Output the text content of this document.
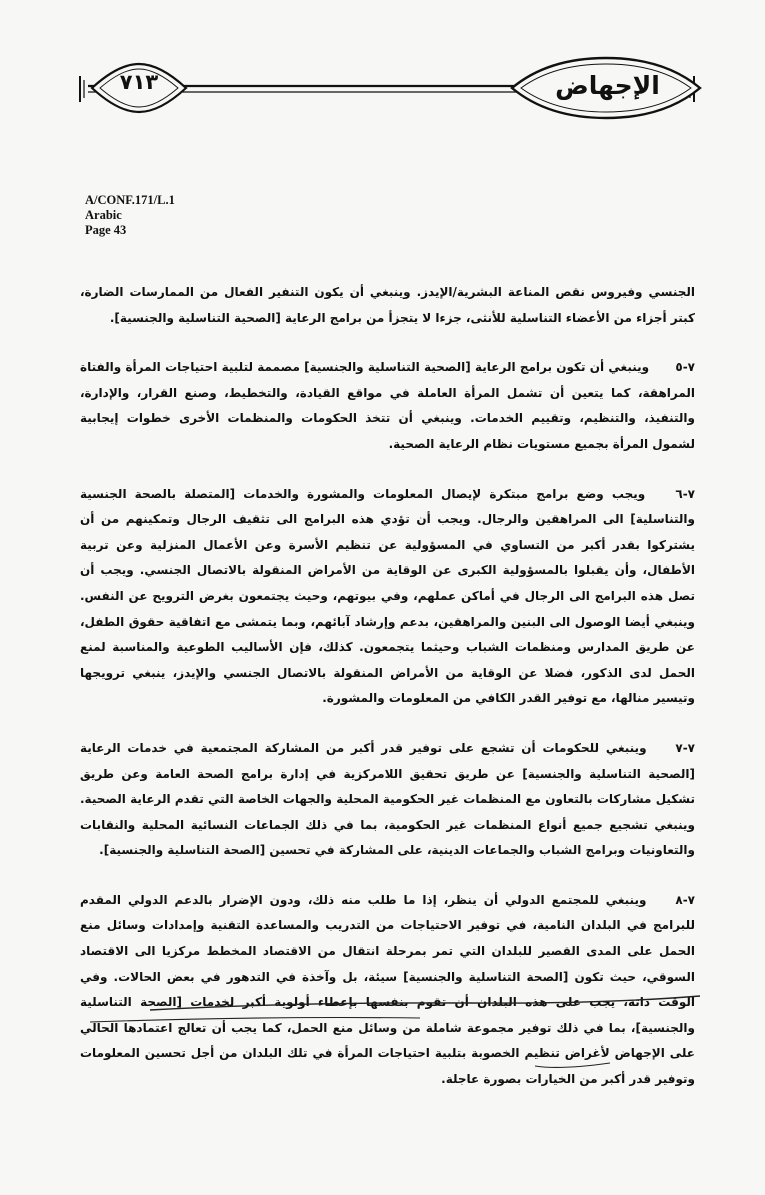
٧١٣	الإجهاض
A/CONF.171/L.1
Arabic
Page 43

الجنسي وفيروس نقص المناعة البشرية/الإيدز. وينبغي أن يكون التنفير الفعال من الممارسات الضارة، كبتر أجزاء من الأعضاء التناسلية للأنثى، جزءا لا يتجزأ من برامج الرعاية [الصحية التناسلية والجنسية].

٧-٥ وينبغي أن تكون برامج الرعاية [الصحية التناسلية والجنسية] مصممة لتلبية احتياجات المرأة والفتاة المراهقة، كما يتعين أن تشمل المرأة العاملة في مواقع القيادة، والتخطيط، وصنع القرار، والإدارة، والتنفيذ، والتنظيم، وتقييم الخدمات. وينبغي أن تتخذ الحكومات والمنظمات الأخرى خطوات إيجابية لشمول المرأة بجميع مستويات نظام الرعاية الصحية.

٧-٦ ويجب وضع برامج مبتكرة لإيصال المعلومات والمشورة والخدمات [المتصلة بالصحة الجنسية والتناسلية] الى المراهقين والرجال. ويجب أن تؤدي هذه البرامج الى تثقيف الرجال وتمكينهم من أن يشتركوا بقدر أكبر من التساوي في المسؤولية عن تنظيم الأسرة وعن الأعمال المنزلية وعن تربية الأطفال، وأن يقبلوا بالمسؤولية الكبرى عن الوقاية من الأمراض المنقولة بالاتصال الجنسي. ويجب أن تصل هذه البرامج الى الرجال في أماكن عملهم، وفي بيوتهم، وحيث يجتمعون بغرض الترويح عن النفس. وينبغي أيضا الوصول الى البنين والمراهقين، بدعم وإرشاد آبائهم، وبما يتمشى مع اتفاقية حقوق الطفل، عن طريق المدارس ومنظمات الشباب وحيثما يتجمعون. كذلك، فإن الأساليب الطوعية والمناسبة لمنع الحمل لدى الذكور، فضلا عن الوقاية من الأمراض المنقولة بالاتصال الجنسي والإيدز، ينبغي ترويجها وتيسير منالها، مع توفير القدر الكافي من المعلومات والمشورة.

٧-٧ وينبغي للحكومات أن تشجع على توفير قدر أكبر من المشاركة المجتمعية في خدمات الرعاية [الصحية التناسلية والجنسية] عن طريق تحقيق اللامركزية في إدارة برامج الصحة العامة وعن طريق تشكيل مشاركات بالتعاون مع المنظمات غير الحكومية المحلية والجهات الخاصة التي تقدم الرعاية الصحية. وينبغي تشجيع جميع أنواع المنظمات غير الحكومية، بما في ذلك الجماعات النسائية المحلية والنقابات والتعاونيات وبرامج الشباب والجماعات الدينية، على المشاركة في تحسين [الصحة التناسلية والجنسية].

٧-٨ وينبغي للمجتمع الدولي أن ينظر، إذا ما طلب منه ذلك، ودون الإضرار بالدعم الدولي المقدم للبرامج في البلدان النامية، في توفير الاحتياجات من التدريب والمساعدة التقنية وإمدادات وسائل منع الحمل على المدى القصير للبلدان التي تمر بمرحلة انتقال من الاقتصاد المخطط مركزيا الى الاقتصاد السوقي، حيث تكون [الصحة التناسلية والجنسية] سيئة، بل وآخذة في التدهور في بعض الحالات. وفي الوقت ذاته، يجب على هذه البلدان أن تقوم بنفسها بإعطاء أولوية أكبر لخدمات [الصحة التناسلية والجنسية]، بما في ذلك توفير مجموعة شاملة من وسائل منع الحمل، كما يجب أن تعالج اعتمادها الحالي على الإجهاض لأغراض تنظيم الخصوبة بتلبية احتياجات المرأة في تلك البلدان من أجل تحسين المعلومات وتوفير قدر أكبر من الخيارات بصورة عاجلة.
